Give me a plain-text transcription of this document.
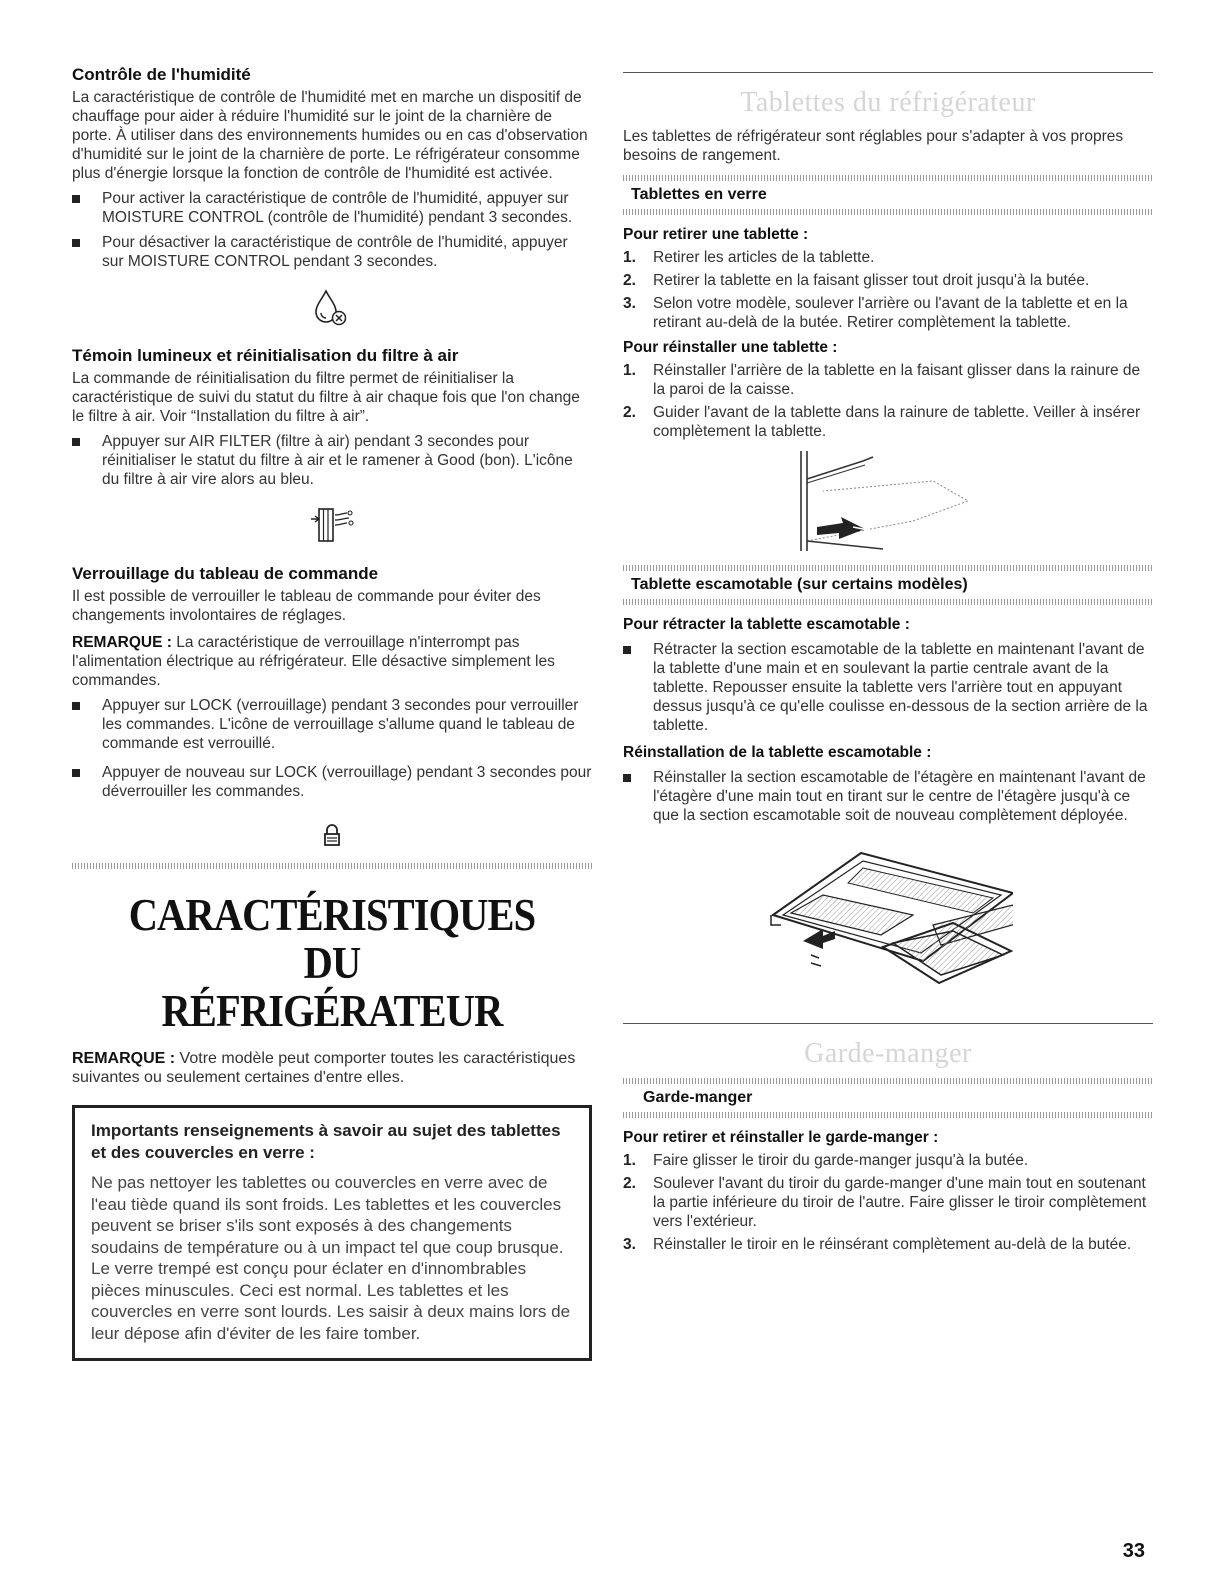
Contrôle de l'humidité

La caractéristique de contrôle de l'humidité met en marche un dispositif de chauffage pour aider à réduire l'humidité sur le joint de la charnière de porte. À utiliser dans des environnements humides ou en cas d'observation d'humidité sur le joint de la charnière de porte. Le réfrigérateur consomme plus d'énergie lorsque la fonction de contrôle de l'humidité est activée.

Pour activer la caractéristique de contrôle de l'humidité, appuyer sur MOISTURE CONTROL (contrôle de l'humidité) pendant 3 secondes.
Pour désactiver la caractéristique de contrôle de l'humidité, appuyer sur MOISTURE CONTROL pendant 3 secondes.
Témoin lumineux et réinitialisation du filtre à air

La commande de réinitialisation du filtre permet de réinitialiser la caractéristique de suivi du statut du filtre à air chaque fois que l'on change le filtre à air. Voir “Installation du filtre à air”.

Appuyer sur AIR FILTER (filtre à air) pendant 3 secondes pour réinitialiser le statut du filtre à air et le ramener à Good (bon). L'icône du filtre à air vire alors au bleu.
Verrouillage du tableau de commande

Il est possible de verrouiller le tableau de commande pour éviter des changements involontaires de réglages.

REMARQUE : La caractéristique de verrouillage n'interrompt pas l'alimentation électrique au réfrigérateur. Elle désactive simplement les commandes.

Appuyer sur LOCK (verrouillage) pendant 3 secondes pour verrouiller les commandes. L'icône de verrouillage s'allume quand le tableau de commande est verrouillé.
Appuyer de nouveau sur LOCK (verrouillage) pendant 3 secondes pour déverrouiller les commandes.
CARACTÉRISTIQUES DU
RÉFRIGÉRATEUR

REMARQUE : Votre modèle peut comporter toutes les caractéristiques suivantes ou seulement certaines d'entre elles.

Importants renseignements à savoir au sujet des tablettes et des couvercles en verre :
Ne pas nettoyer les tablettes ou couvercles en verre avec de l'eau tiède quand ils sont froids. Les tablettes et les couvercles peuvent se briser s'ils sont exposés à des changements soudains de température ou à un impact tel que coup brusque. Le verre trempé est conçu pour éclater en d'innombrables pièces minuscules. Ceci est normal. Les tablettes et les couvercles en verre sont lourds. Les saisir à deux mains lors de leur dépose afin d'éviter de les faire tomber.
Tablettes du réfrigérateur

Les tablettes de réfrigérateur sont réglables pour s'adapter à vos propres besoins de rangement.

Tablettes en verre
Pour retirer une tablette :
1. Retirer les articles de la tablette.
2. Retirer la tablette en la faisant glisser tout droit jusqu'à la butée.
3. Selon votre modèle, soulever l'arrière ou l'avant de la tablette et en la retirant au-delà de la butée. Retirer complètement la tablette.
Pour réinstaller une tablette :
1. Réinstaller l'arrière de la tablette en la faisant glisser dans la rainure de la paroi de la caisse.
2. Guider l'avant de la tablette dans la rainure de tablette. Veiller à insérer complètement la tablette.
Tablette escamotable (sur certains modèles)
Pour rétracter la tablette escamotable :
Rétracter la section escamotable de la tablette en maintenant l'avant de la tablette d'une main et en soulevant la partie centrale avant de la tablette. Repousser ensuite la tablette vers l'arrière tout en appuyant dessus jusqu'à ce qu'elle coulisse en-dessous de la section arrière de la tablette.
Réinstallation de la tablette escamotable :
Réinstaller la section escamotable de l'étagère en maintenant l'avant de l'étagère d'une main tout en tirant sur le centre de l'étagère jusqu'à ce que la section escamotable soit de nouveau complètement déployée.
Garde-manger
Garde-manger
Pour retirer et réinstaller le garde-manger :
1. Faire glisser le tiroir du garde-manger jusqu'à la butée.
2. Soulever l'avant du tiroir du garde-manger d'une main tout en soutenant la partie inférieure du tiroir de l'autre. Faire glisser le tiroir complètement vers l'extérieur.
3. Réinstaller le tiroir en le réinsérant complètement au-delà de la butée.
33
